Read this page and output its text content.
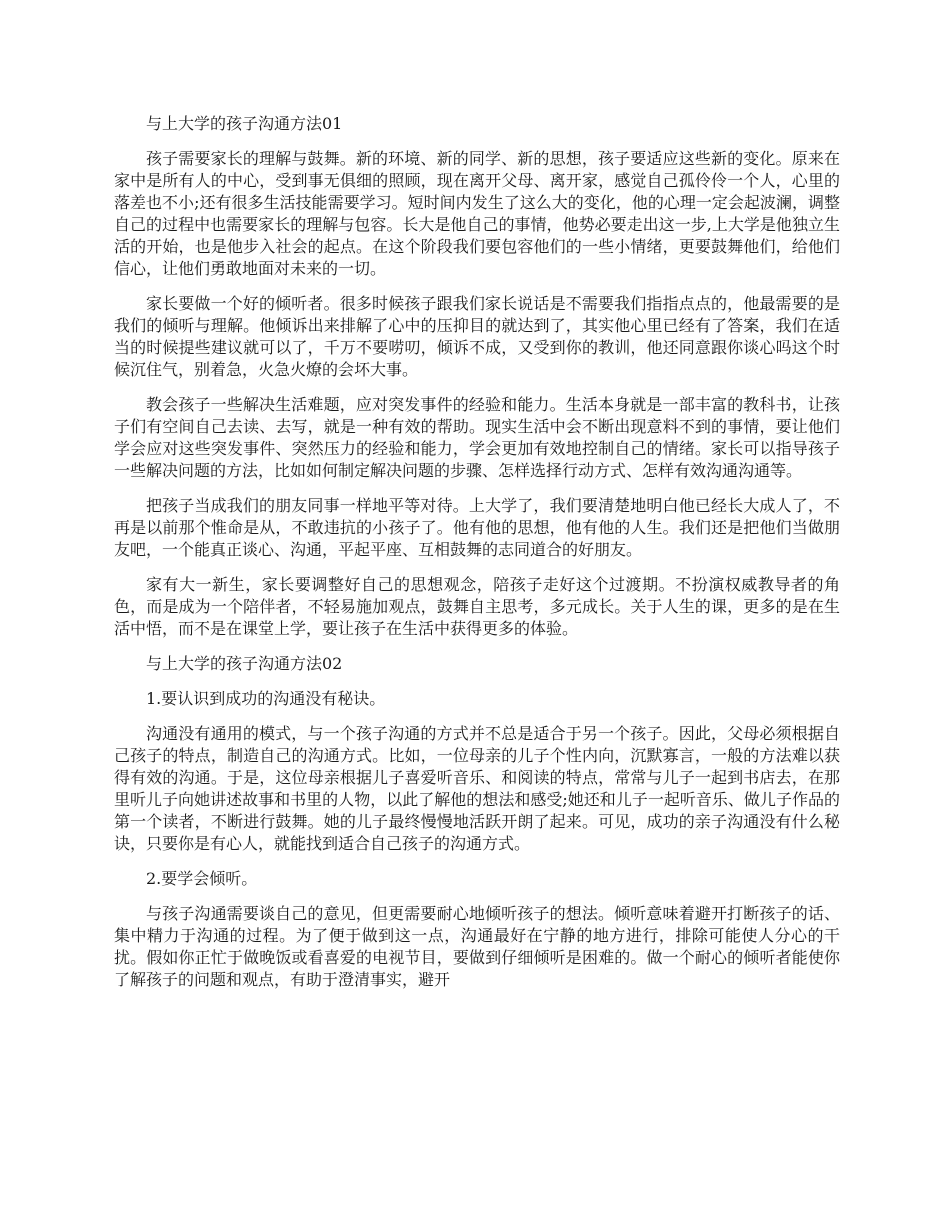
与上大学的孩子沟通方法01

孩子需要家长的理解与鼓舞。新的环境、新的同学、新的思想，孩子要适应这些新的变化。原来在家中是所有人的中心，受到事无俱细的照顾，现在离开父母、离开家，感觉自己孤伶伶一个人，心里的落差也不小;还有很多生活技能需要学习。短时间内发生了这么大的变化，他的心理一定会起波澜，调整自己的过程中也需要家长的理解与包容。长大是他自己的事情，他势必要走出这一步,上大学是他独立生活的开始，也是他步入社会的起点。在这个阶段我们要包容他们的一些小情绪，更要鼓舞他们，给他们信心，让他们勇敢地面对未来的一切。

家长要做一个好的倾听者。很多时候孩子跟我们家长说话是不需要我们指指点点的，他最需要的是我们的倾听与理解。他倾诉出来排解了心中的压抑目的就达到了，其实他心里已经有了答案，我们在适当的时候提些建议就可以了，千万不要唠叨，倾诉不成，又受到你的教训，他还同意跟你谈心吗这个时候沉住气，别着急，火急火燎的会坏大事。

教会孩子一些解决生活难题，应对突发事件的经验和能力。生活本身就是一部丰富的教科书，让孩子们有空间自己去读、去写，就是一种有效的帮助。现实生活中会不断出现意料不到的事情，要让他们学会应对这些突发事件、突然压力的经验和能力，学会更加有效地控制自己的情绪。家长可以指导孩子一些解决问题的方法，比如如何制定解决问题的步骤、怎样选择行动方式、怎样有效沟通沟通等。

把孩子当成我们的朋友同事一样地平等对待。上大学了，我们要清楚地明白他已经长大成人了，不再是以前那个惟命是从，不敢违抗的小孩子了。他有他的思想，他有他的人生。我们还是把他们当做朋友吧，一个能真正谈心、沟通，平起平座、互相鼓舞的志同道合的好朋友。

家有大一新生，家长要调整好自己的思想观念，陪孩子走好这个过渡期。不扮演权威教导者的角色，而是成为一个陪伴者，不轻易施加观点，鼓舞自主思考，多元成长。关于人生的课，更多的是在生活中悟，而不是在课堂上学，要让孩子在生活中获得更多的体验。

与上大学的孩子沟通方法02

1.要认识到成功的沟通没有秘诀。

沟通没有通用的模式，与一个孩子沟通的方式并不总是适合于另一个孩子。因此，父母必须根据自己孩子的特点，制造自己的沟通方式。比如，一位母亲的儿子个性内向，沉默寡言，一般的方法难以获得有效的沟通。于是，这位母亲根据儿子喜爱听音乐、和阅读的特点，常常与儿子一起到书店去，在那里听儿子向她讲述故事和书里的人物，以此了解他的想法和感受;她还和儿子一起听音乐、做儿子作品的第一个读者，不断进行鼓舞。她的儿子最终慢慢地活跃开朗了起来。可见，成功的亲子沟通没有什么秘诀，只要你是有心人，就能找到适合自己孩子的沟通方式。

2.要学会倾听。

与孩子沟通需要谈自己的意见，但更需要耐心地倾听孩子的想法。倾听意味着避开打断孩子的话、集中精力于沟通的过程。为了便于做到这一点，沟通最好在宁静的地方进行，排除可能使人分心的干扰。假如你正忙于做晚饭或看喜爱的电视节目，要做到仔细倾听是困难的。做一个耐心的倾听者能使你了解孩子的问题和观点，有助于澄清事实，避开
